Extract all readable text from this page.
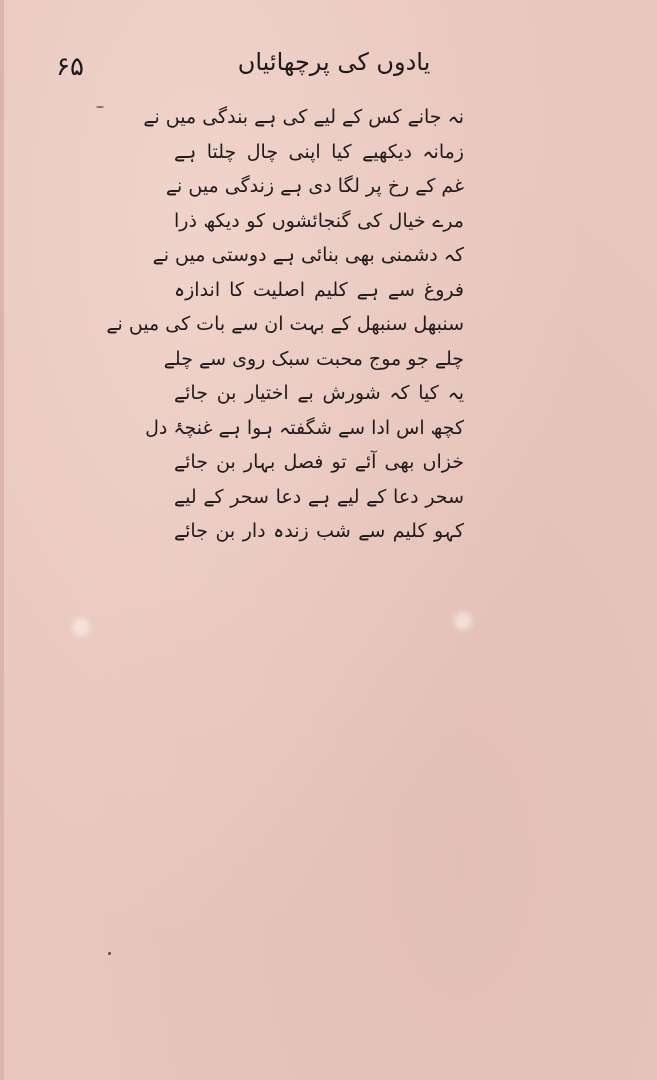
۶۵	یادوں کی پرچھائیاں
نہ جانے کس کے لیے کی ہے بندگی میں نے
زمانہ دیکھیے کیا اپنی چال چلتا ہے
غم کے رخ پر لگا دی ہے زندگی میں نے
مرے خیال کی گنجائشوں کو دیکھ ذرا
کہ دشمنی بھی بنائی ہے دوستی میں نے
فروغ سے ہے کلیم اصلیت کا اندازہ
سنبھل سنبھل کے بہت ان سے بات کی میں نے
چلے جو موج محبت سبک روی سے چلے
یہ کیا کہ شورش بے اختیار بن جائے
کچھ اس ادا سے شگفتہ ہوا ہے غنچۂ دل
خزاں بھی آئے تو فصل بہار بن جائے
سحر دعا کے لیے ہے دعا سحر کے لیے
کہو کلیم سے شب زندہ دار بن جائے
